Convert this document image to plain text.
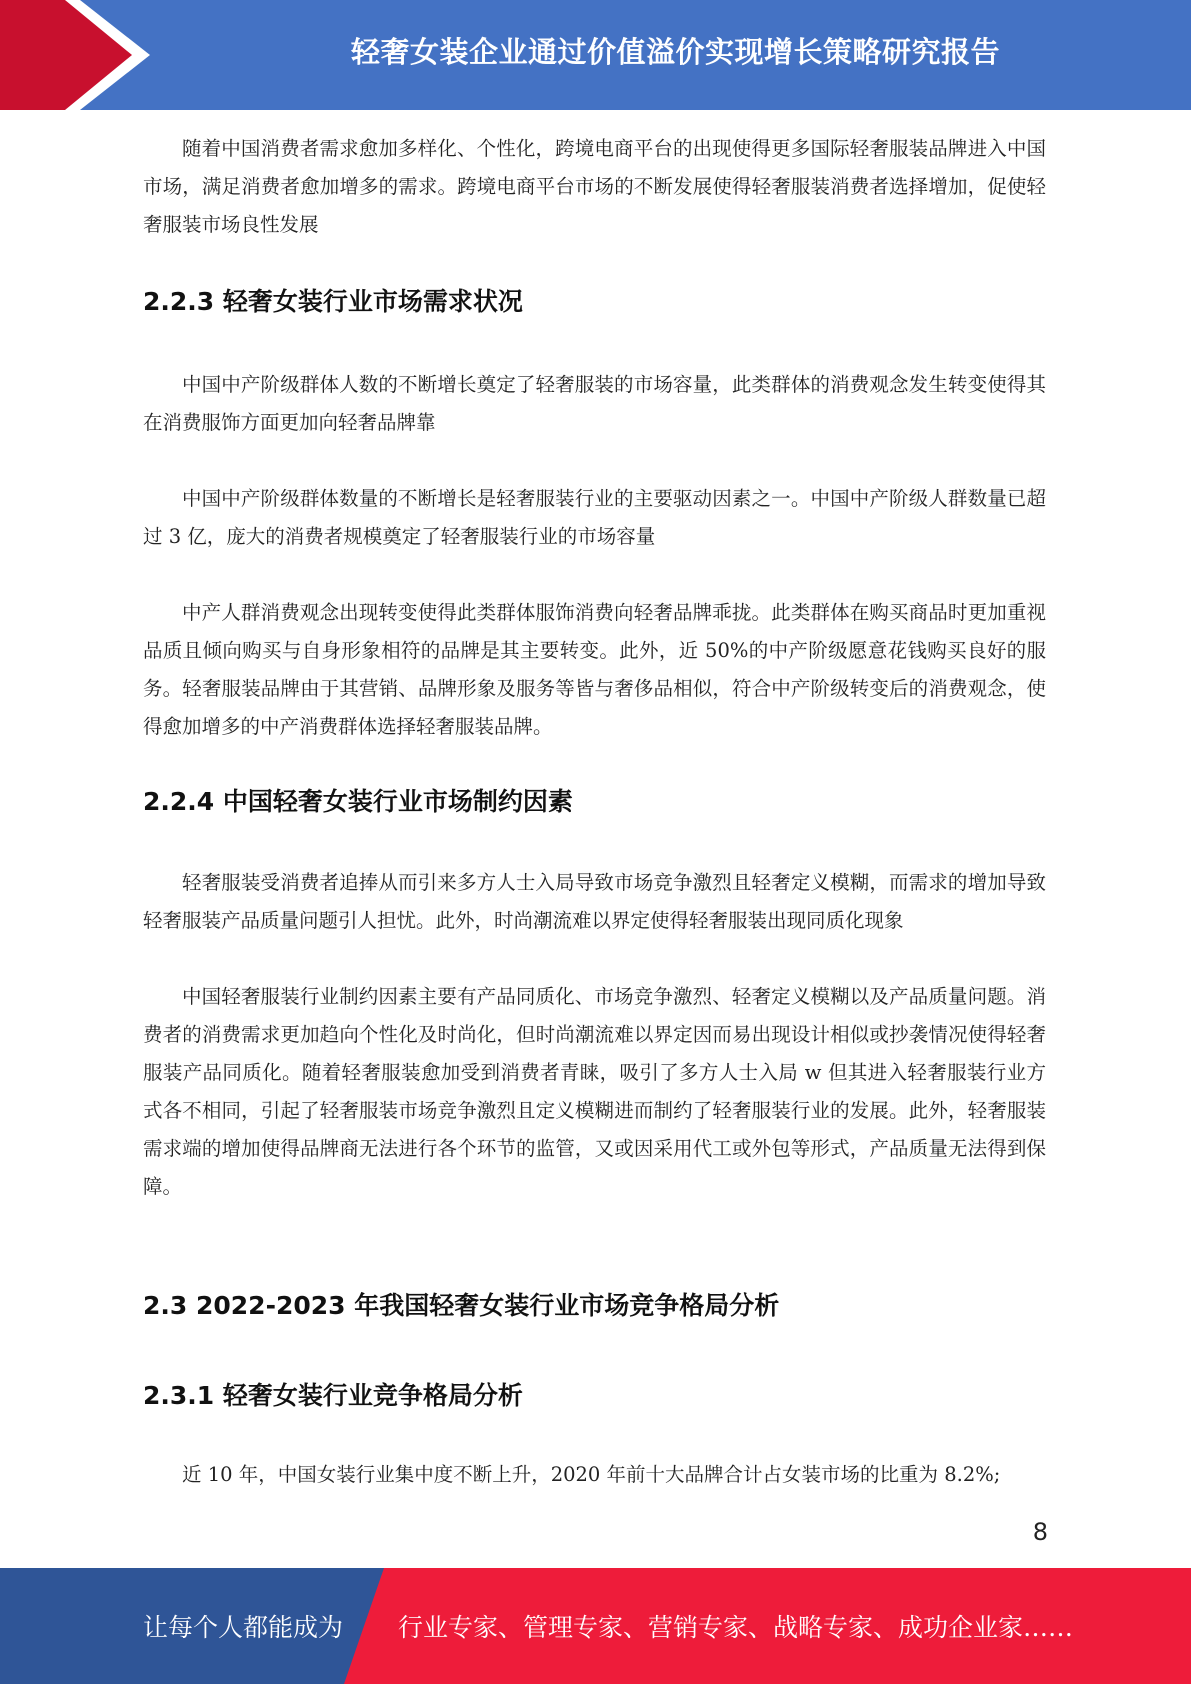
轻奢女装企业通过价值溢价实现增长策略研究报告

随着中国消费者需求愈加多样化、个性化，跨境电商平台的出现使得更多国际轻奢服装品牌进入中国市场，满足消费者愈加增多的需求。跨境电商平台市场的不断发展使得轻奢服装消费者选择增加，促使轻奢服装市场良性发展

2.2.3 轻奢女装行业市场需求状况

中国中产阶级群体人数的不断增长奠定了轻奢服装的市场容量，此类群体的消费观念发生转变使得其在消费服饰方面更加向轻奢品牌靠

中国中产阶级群体数量的不断增长是轻奢服装行业的主要驱动因素之一。中国中产阶级人群数量已超过 3 亿，庞大的消费者规模奠定了轻奢服装行业的市场容量

中产人群消费观念出现转变使得此类群体服饰消费向轻奢品牌乖拢。此类群体在购买商品时更加重视品质且倾向购买与自身形象相符的品牌是其主要转变。此外，近 50%的中产阶级愿意花钱购买良好的服务。轻奢服装品牌由于其营销、品牌形象及服务等皆与奢侈品相似，符合中产阶级转变后的消费观念，使得愈加增多的中产消费群体选择轻奢服装品牌。

2.2.4 中国轻奢女装行业市场制约因素

轻奢服装受消费者追捧从而引来多方人士入局导致市场竞争激烈且轻奢定义模糊，而需求的增加导致轻奢服装产品质量问题引人担忧。此外，时尚潮流难以界定使得轻奢服装出现同质化现象

中国轻奢服装行业制约因素主要有产品同质化、市场竞争激烈、轻奢定义模糊以及产品质量问题。消费者的消费需求更加趋向个性化及时尚化，但时尚潮流难以界定因而易出现设计相似或抄袭情况使得轻奢服装产品同质化。随着轻奢服装愈加受到消费者青睐，吸引了多方人士入局 w 但其进入轻奢服装行业方式各不相同，引起了轻奢服装市场竞争激烈且定义模糊进而制约了轻奢服装行业的发展。此外，轻奢服装需求端的增加使得品牌商无法进行各个环节的监管，又或因采用代工或外包等形式，产品质量无法得到保障。

2.3 2022-2023 年我国轻奢女装行业市场竞争格局分析
2.3.1 轻奢女装行业竞争格局分析

近 10 年，中国女装行业集中度不断上升，2020 年前十大品牌合计占女装市场的比重为 8.2%;

8
让每个人都能成为 行业专家、管理专家、营销专家、战略专家、成功企业家……
